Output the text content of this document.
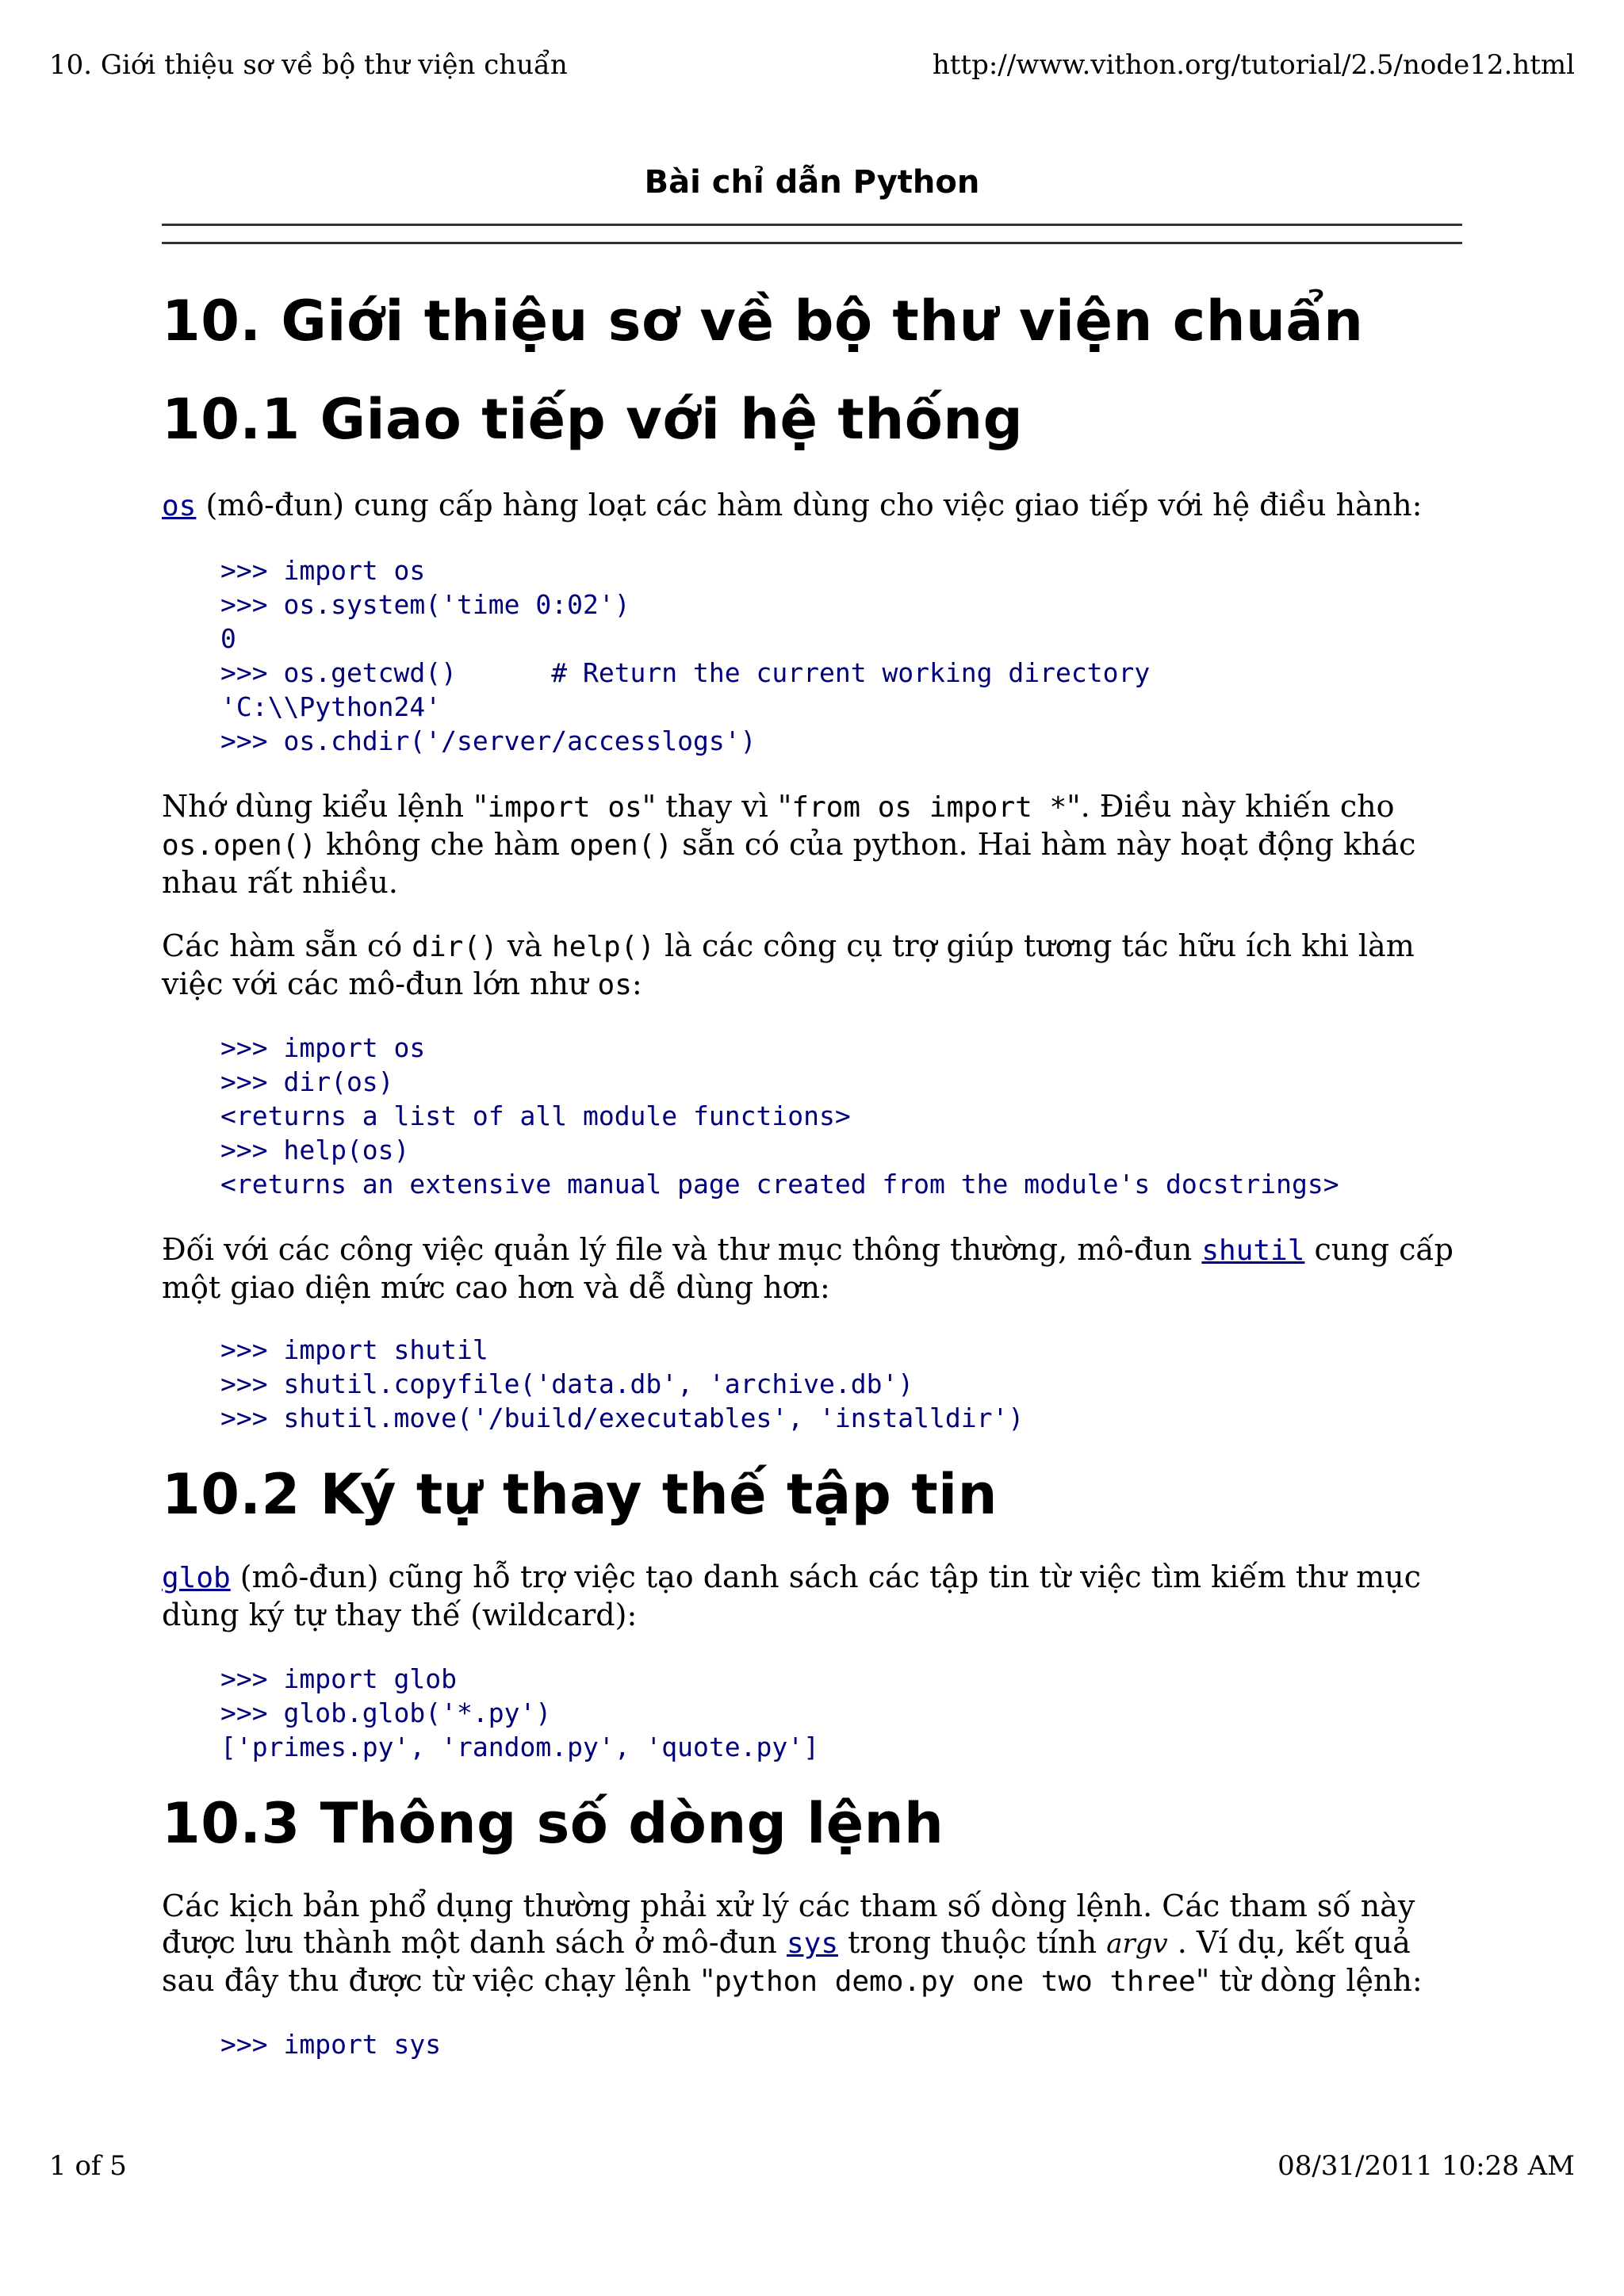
10. Giới thiệu sơ về bộ thư viện chuẩn	http://www.vithon.org/tutorial/2.5/node12.html
Bài chỉ dẫn Python
10. Giới thiệu sơ về bộ thư viện chuẩn
10.1 Giao tiếp với hệ thống

os (mô-đun) cung cấp hàng loạt các hàm dùng cho việc giao tiếp với hệ điều hành:

>>> import os
>>> os.system('time 0:02')
0
>>> os.getcwd()      # Return the current working directory
'C:\\Python24'
>>> os.chdir('/server/accesslogs')

Nhớ dùng kiểu lệnh "import os" thay vì "from os import *". Điều này khiến cho os.open() không che hàm open() sẵn có của python. Hai hàm này hoạt động khác nhau rất nhiều.

Các hàm sẵn có dir() và help() là các công cụ trợ giúp tương tác hữu ích khi làm việc với các mô-đun lớn như os:

>>> import os
>>> dir(os)
<returns a list of all module functions>
>>> help(os)
<returns an extensive manual page created from the module's docstrings>

Đối với các công việc quản lý file và thư mục thông thường, mô-đun shutil cung cấp một giao diện mức cao hơn và dễ dùng hơn:

>>> import shutil
>>> shutil.copyfile('data.db', 'archive.db')
>>> shutil.move('/build/executables', 'installdir')
10.2 Ký tự thay thế tập tin

glob (mô-đun) cũng hỗ trợ việc tạo danh sách các tập tin từ việc tìm kiếm thư mục dùng ký tự thay thế (wildcard):

>>> import glob
>>> glob.glob('*.py')
['primes.py', 'random.py', 'quote.py']
10.3 Thông số dòng lệnh

Các kịch bản phổ dụng thường phải xử lý các tham số dòng lệnh. Các tham số này được lưu thành một danh sách ở mô-đun sys trong thuộc tính argv . Ví dụ, kết quả sau đây thu được từ việc chạy lệnh "python demo.py one two three" từ dòng lệnh:

>>> import sys
1 of 5	08/31/2011 10:28 AM
